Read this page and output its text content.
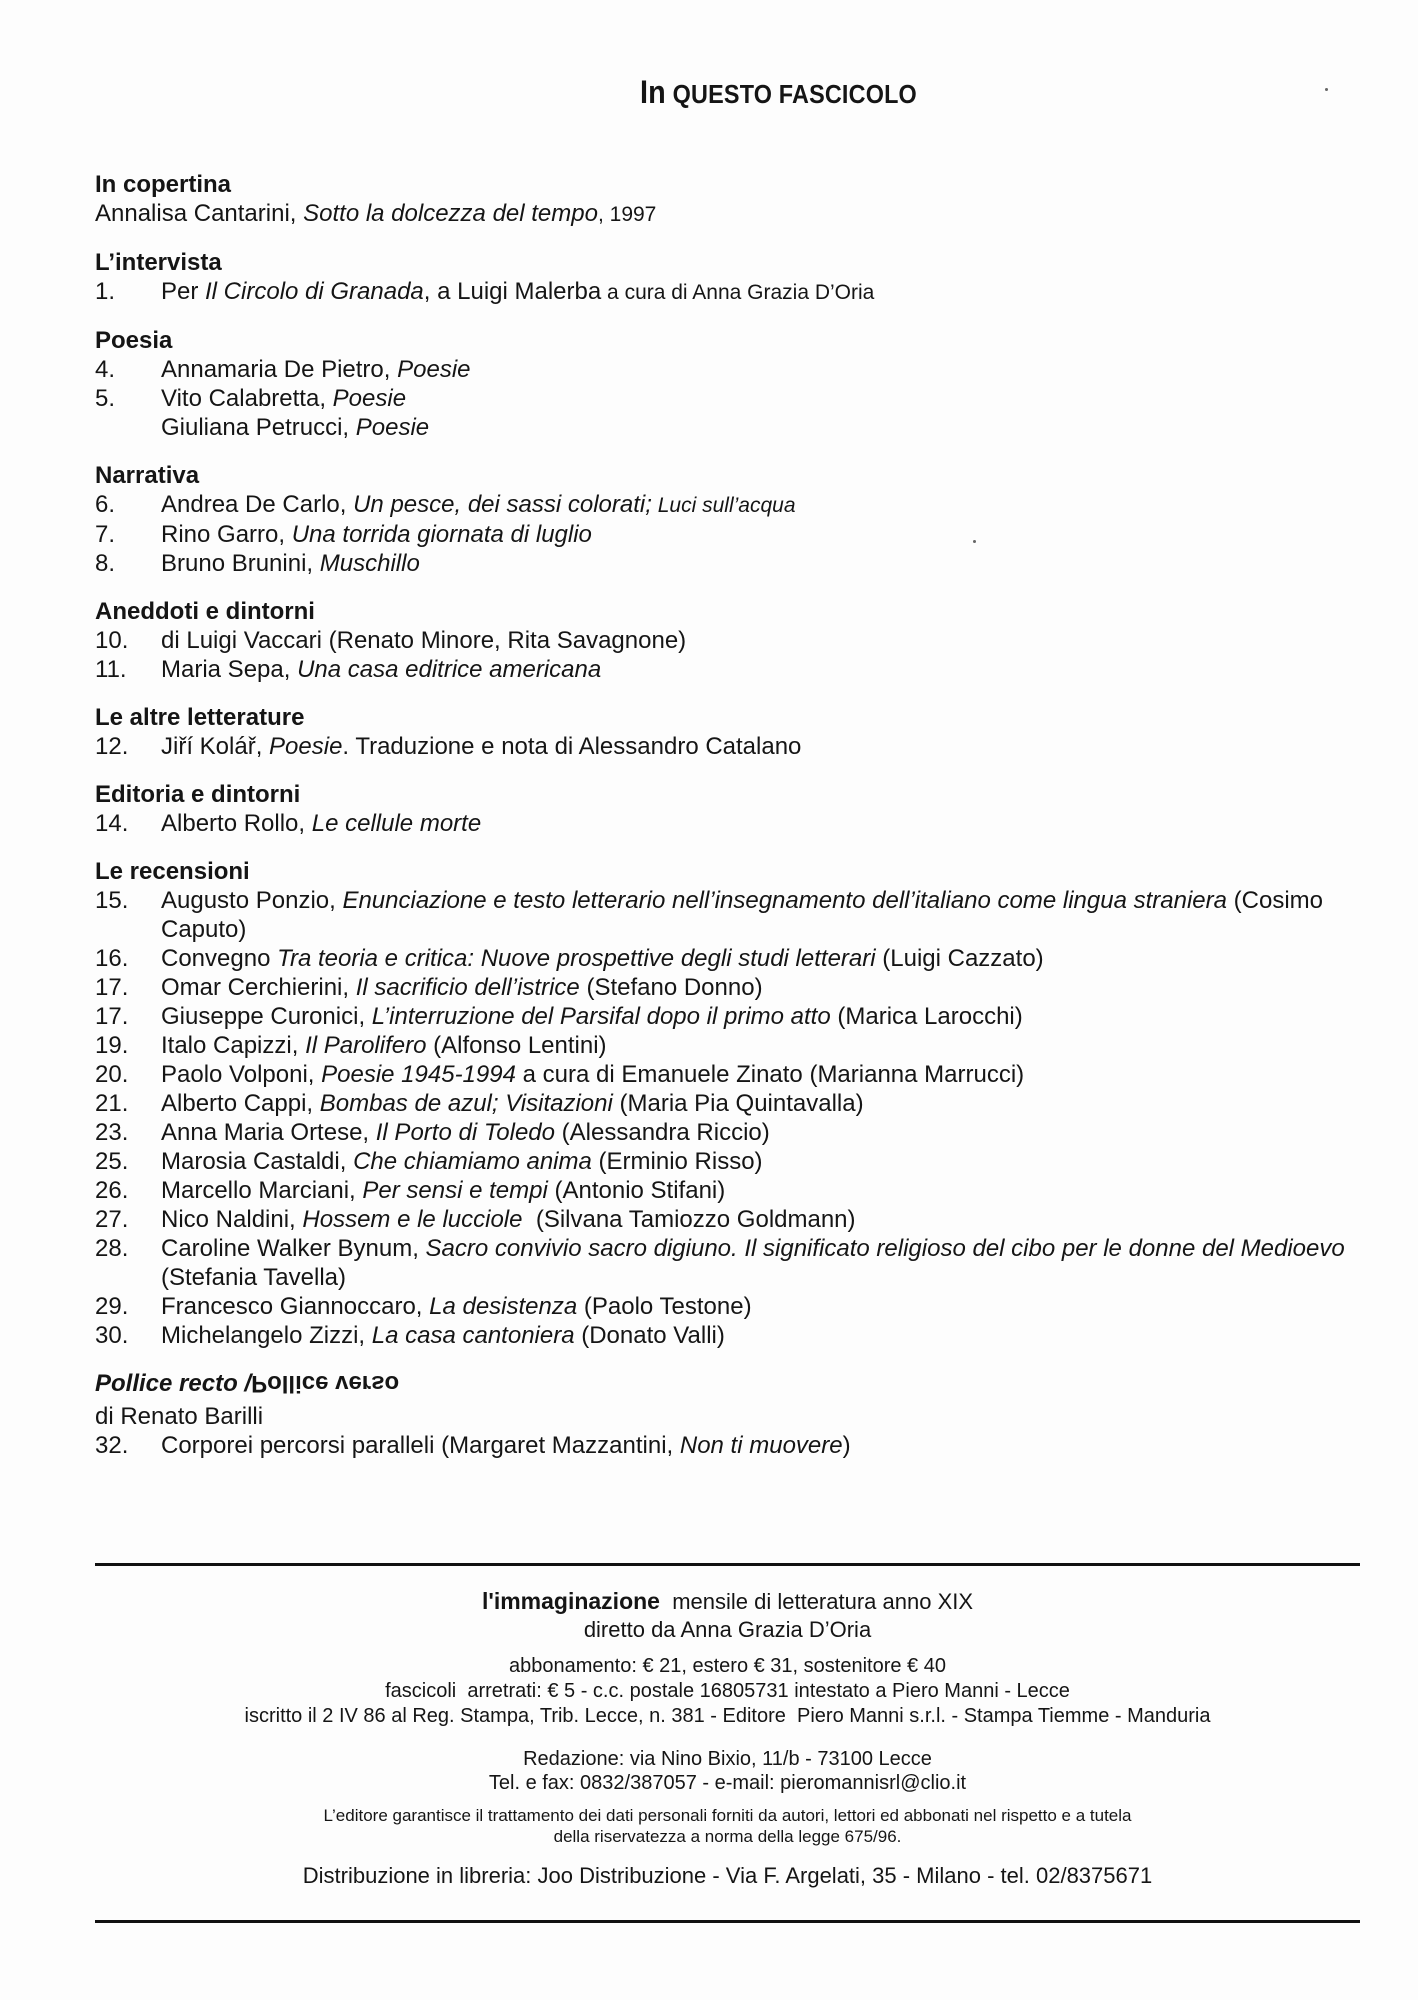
In QUESTO FASCICOLO
In copertina
Annalisa Cantarini, Sotto la dolcezza del tempo, 1997
L’intervista
1.	Per Il Circolo di Granada, a Luigi Malerba a cura di Anna Grazia D’Oria
Poesia
4.	Annamaria De Pietro, Poesie
5.	Vito Calabretta, Poesie
Giuliana Petrucci, Poesie
Narrativa
6.	Andrea De Carlo, Un pesce, dei sassi colorati; Luci sull’acqua
7.	Rino Garro, Una torrida giornata di luglio
8.	Bruno Brunini, Muschillo
Aneddoti e dintorni
10.	di Luigi Vaccari (Renato Minore, Rita Savagnone)
11.	Maria Sepa, Una casa editrice americana
Le altre letterature
12.	Jiří Kolář, Poesie. Traduzione e nota di Alessandro Catalano
Editoria e dintorni
14.	Alberto Rollo, Le cellule morte
Le recensioni
15.	Augusto Ponzio, Enunciazione e testo letterario nell’insegnamento dell’italiano come lingua straniera (Cosimo Caputo)
16.	Convegno Tra teoria e critica: Nuove prospettive degli studi letterari (Luigi Cazzato)
17.	Omar Cerchierini, Il sacrificio dell’istrice (Stefano Donno)
17.	Giuseppe Curonici, L’interruzione del Parsifal dopo il primo atto (Marica Larocchi)
19.	Italo Capizzi, Il Parolifero (Alfonso Lentini)
20.	Paolo Volponi, Poesie 1945-1994 a cura di Emanuele Zinato (Marianna Marrucci)
21.	Alberto Cappi, Bombas de azul; Visitazioni (Maria Pia Quintavalla)
23.	Anna Maria Ortese, Il Porto di Toledo (Alessandra Riccio)
25.	Marosia Castaldi, Che chiamiamo anima (Erminio Risso)
26.	Marcello Marciani, Per sensi e tempi (Antonio Stifani)
27.	Nico Naldini, Hossem e le lucciole  (Silvana Tamiozzo Goldmann)
28.	Caroline Walker Bynum, Sacro convivio sacro digiuno. Il significato religioso del cibo per le donne del Medioevo (Stefania Tavella)
29.	Francesco Giannoccaro, La desistenza (Paolo Testone)
30.	Michelangelo Zizzi, La casa cantoniera (Donato Valli)
Pollice recto /Pollice verso
di Renato Barilli
32.	Corporei percorsi paralleli (Margaret Mazzantini, Non ti muovere)
l'immaginazione  mensile di letteratura anno XIX
diretto da Anna Grazia D’Oria
abbonamento: € 21, estero € 31, sostenitore € 40
fascicoli  arretrati: € 5 - c.c. postale 16805731 intestato a Piero Manni - Lecce
iscritto il 2 IV 86 al Reg. Stampa, Trib. Lecce, n. 381 - Editore  Piero Manni s.r.l. - Stampa Tiemme - Manduria
Redazione: via Nino Bixio, 11/b - 73100 Lecce
Tel. e fax: 0832/387057 - e-mail: pieromannisrl@clio.it
L’editore garantisce il trattamento dei dati personali forniti da autori, lettori ed abbonati nel rispetto e a tutela
della riservatezza a norma della legge 675/96.
Distribuzione in libreria: Joo Distribuzione - Via F. Argelati, 35 - Milano - tel. 02/8375671
